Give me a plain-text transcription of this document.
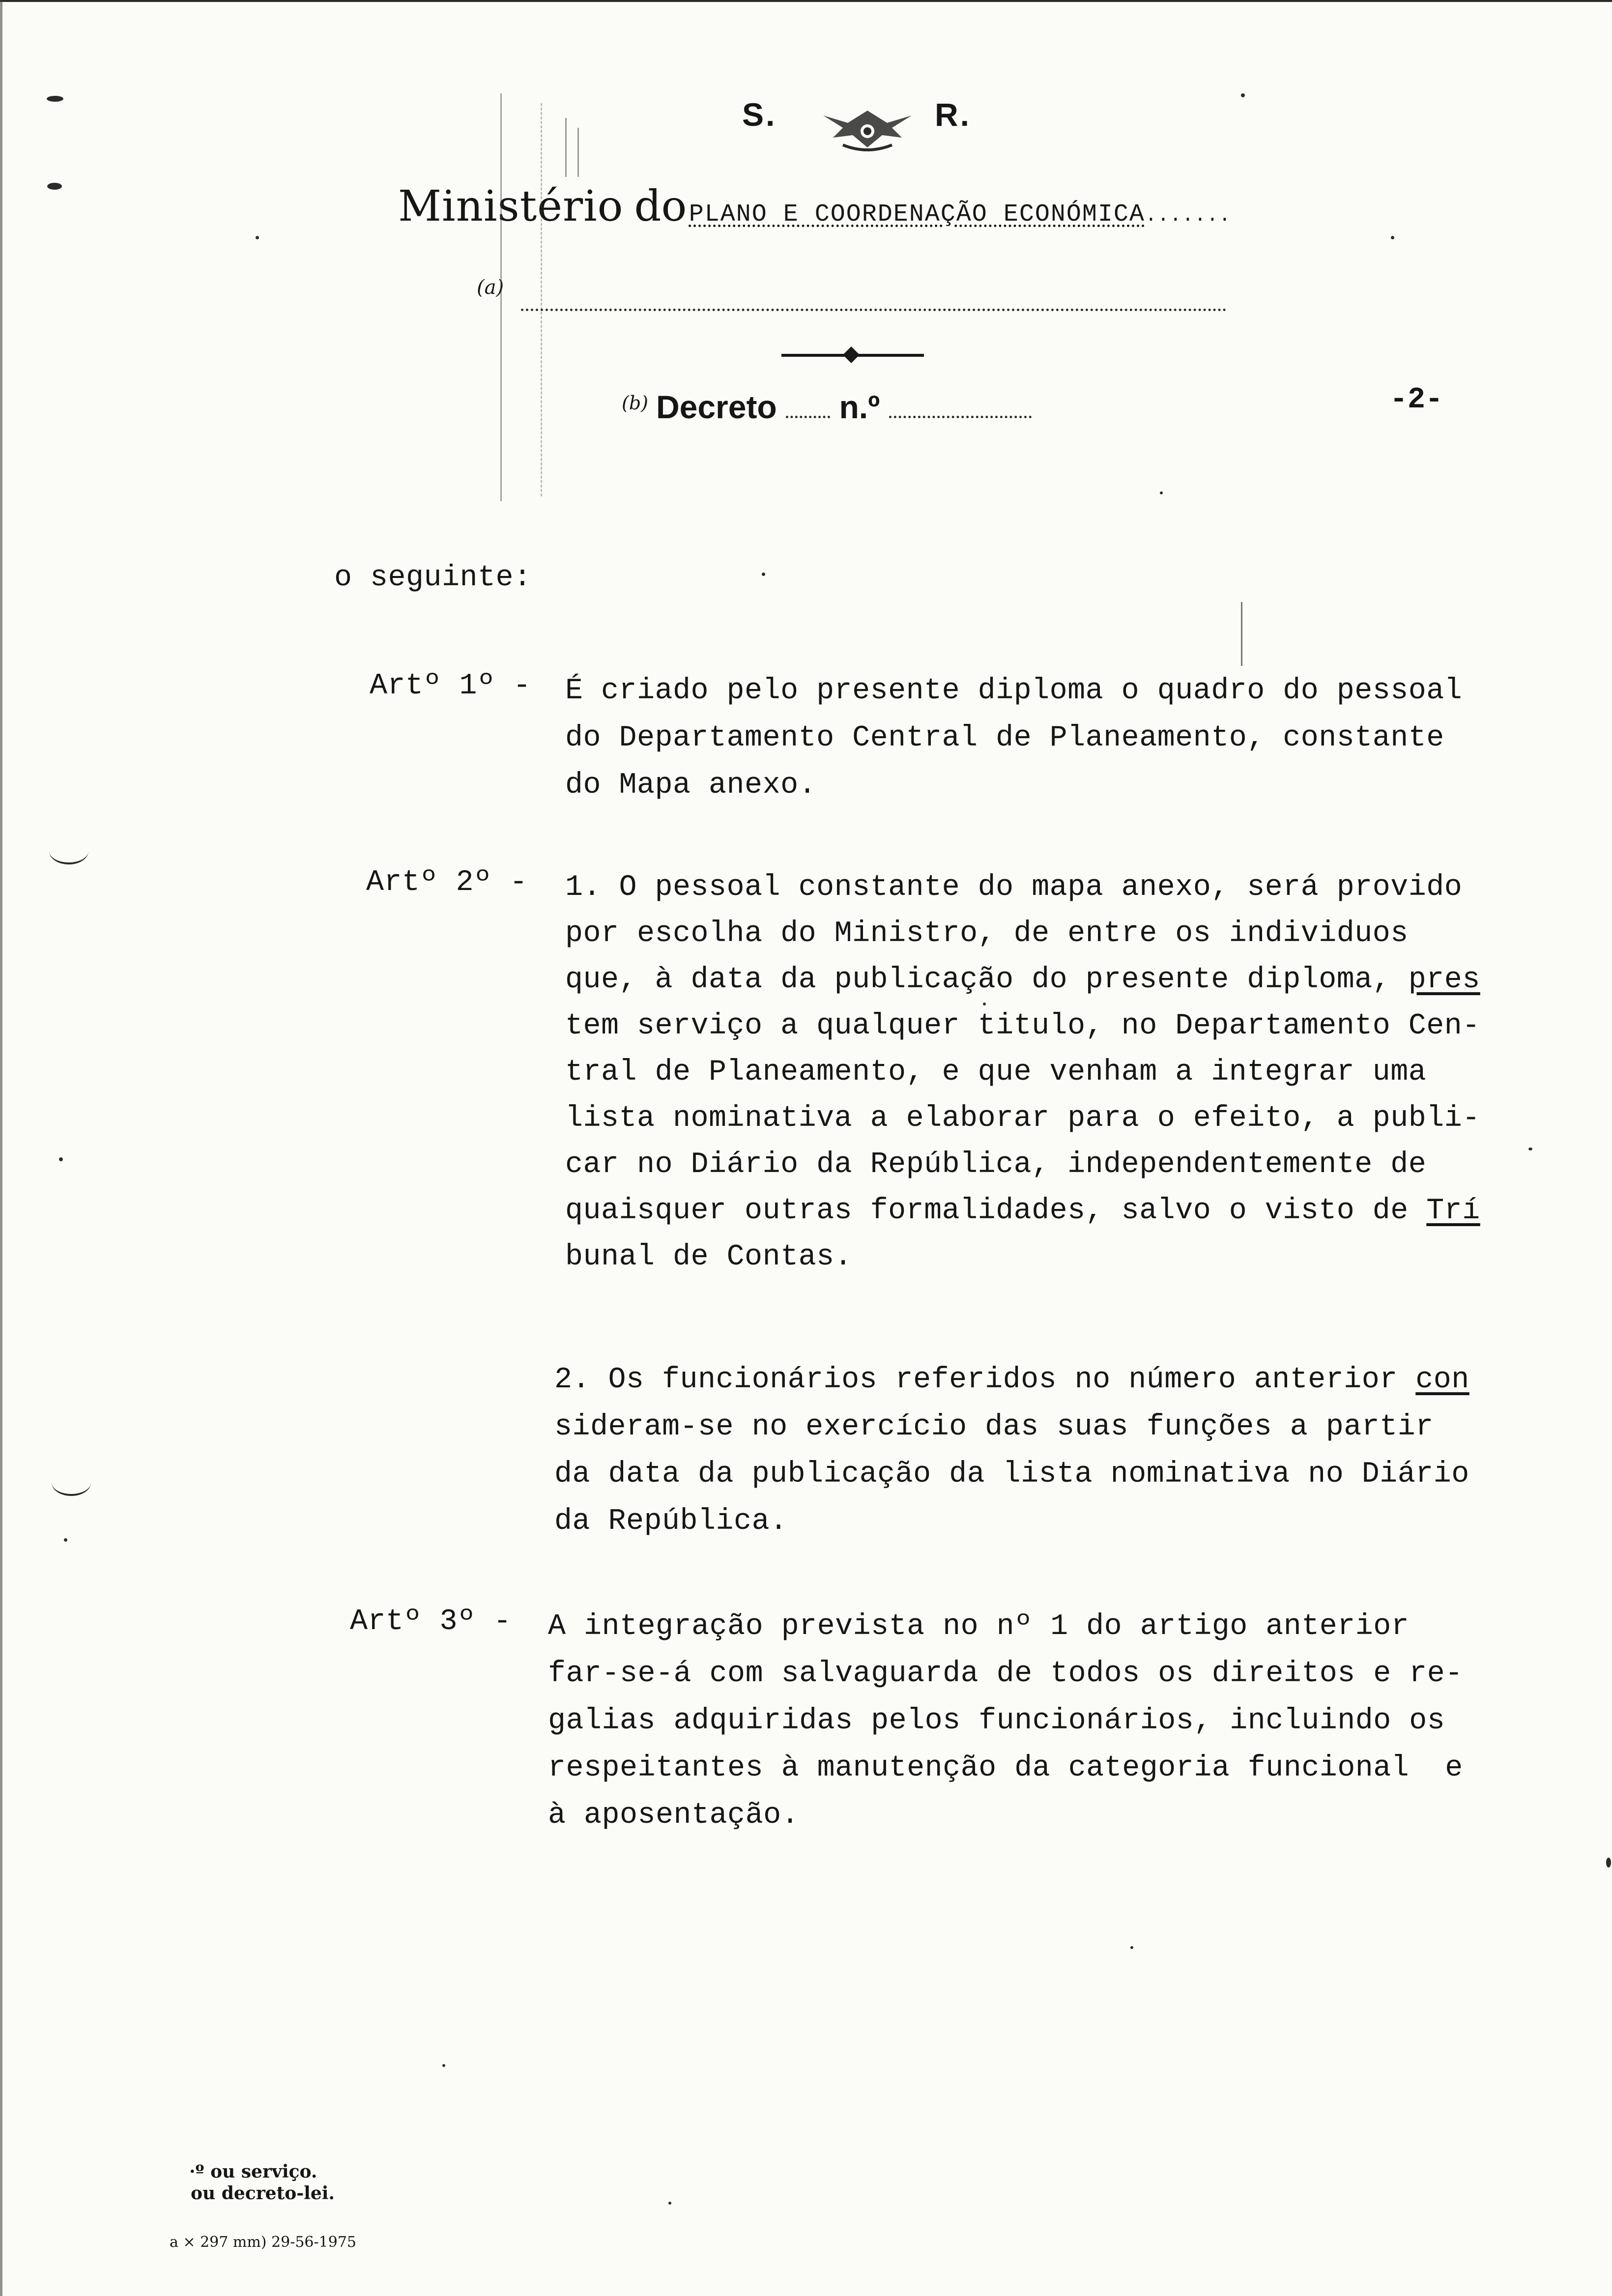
S.	R.
Ministério do PLANO E COORDENAÇÃO ECONÓMICA.......
(a)
$^{(b)}$ Decreto n.º	-2-
o seguinte:
Artº 1º - É criado pelo presente diploma o quadro do pessoal
do Departamento Central de Planeamento, constante
do Mapa anexo.
Artº 2º - 1. O pessoal constante do mapa anexo, será provido
por escolha do Ministro, de entre os individuos
que, à data da publicação do presente diploma, pres
tem serviço a qualquer titulo, no Departamento Cen-
tral de Planeamento, e que venham a integrar uma
lista nominativa a elaborar para o efeito, a publi-
car no Diário da República, independentemente de
quaisquer outras formalidades, salvo o visto de Trí
bunal de Contas.
2. Os funcionários referidos no número anterior con
sideram-se no exercício das suas funções a partir
da data da publicação da lista nominativa no Diário
da República.
Artº 3º - A integração prevista no nº 1 do artigo anterior
far-se-á com salvaguarda de todos os direitos e re-
galias adquiridas pelos funcionários, incluindo os
respeitantes à manutenção da categoria funcional  e
à aposentação.
·º ou serviço.
ou decreto-lei.
a × 297 mm) 29-56-1975
